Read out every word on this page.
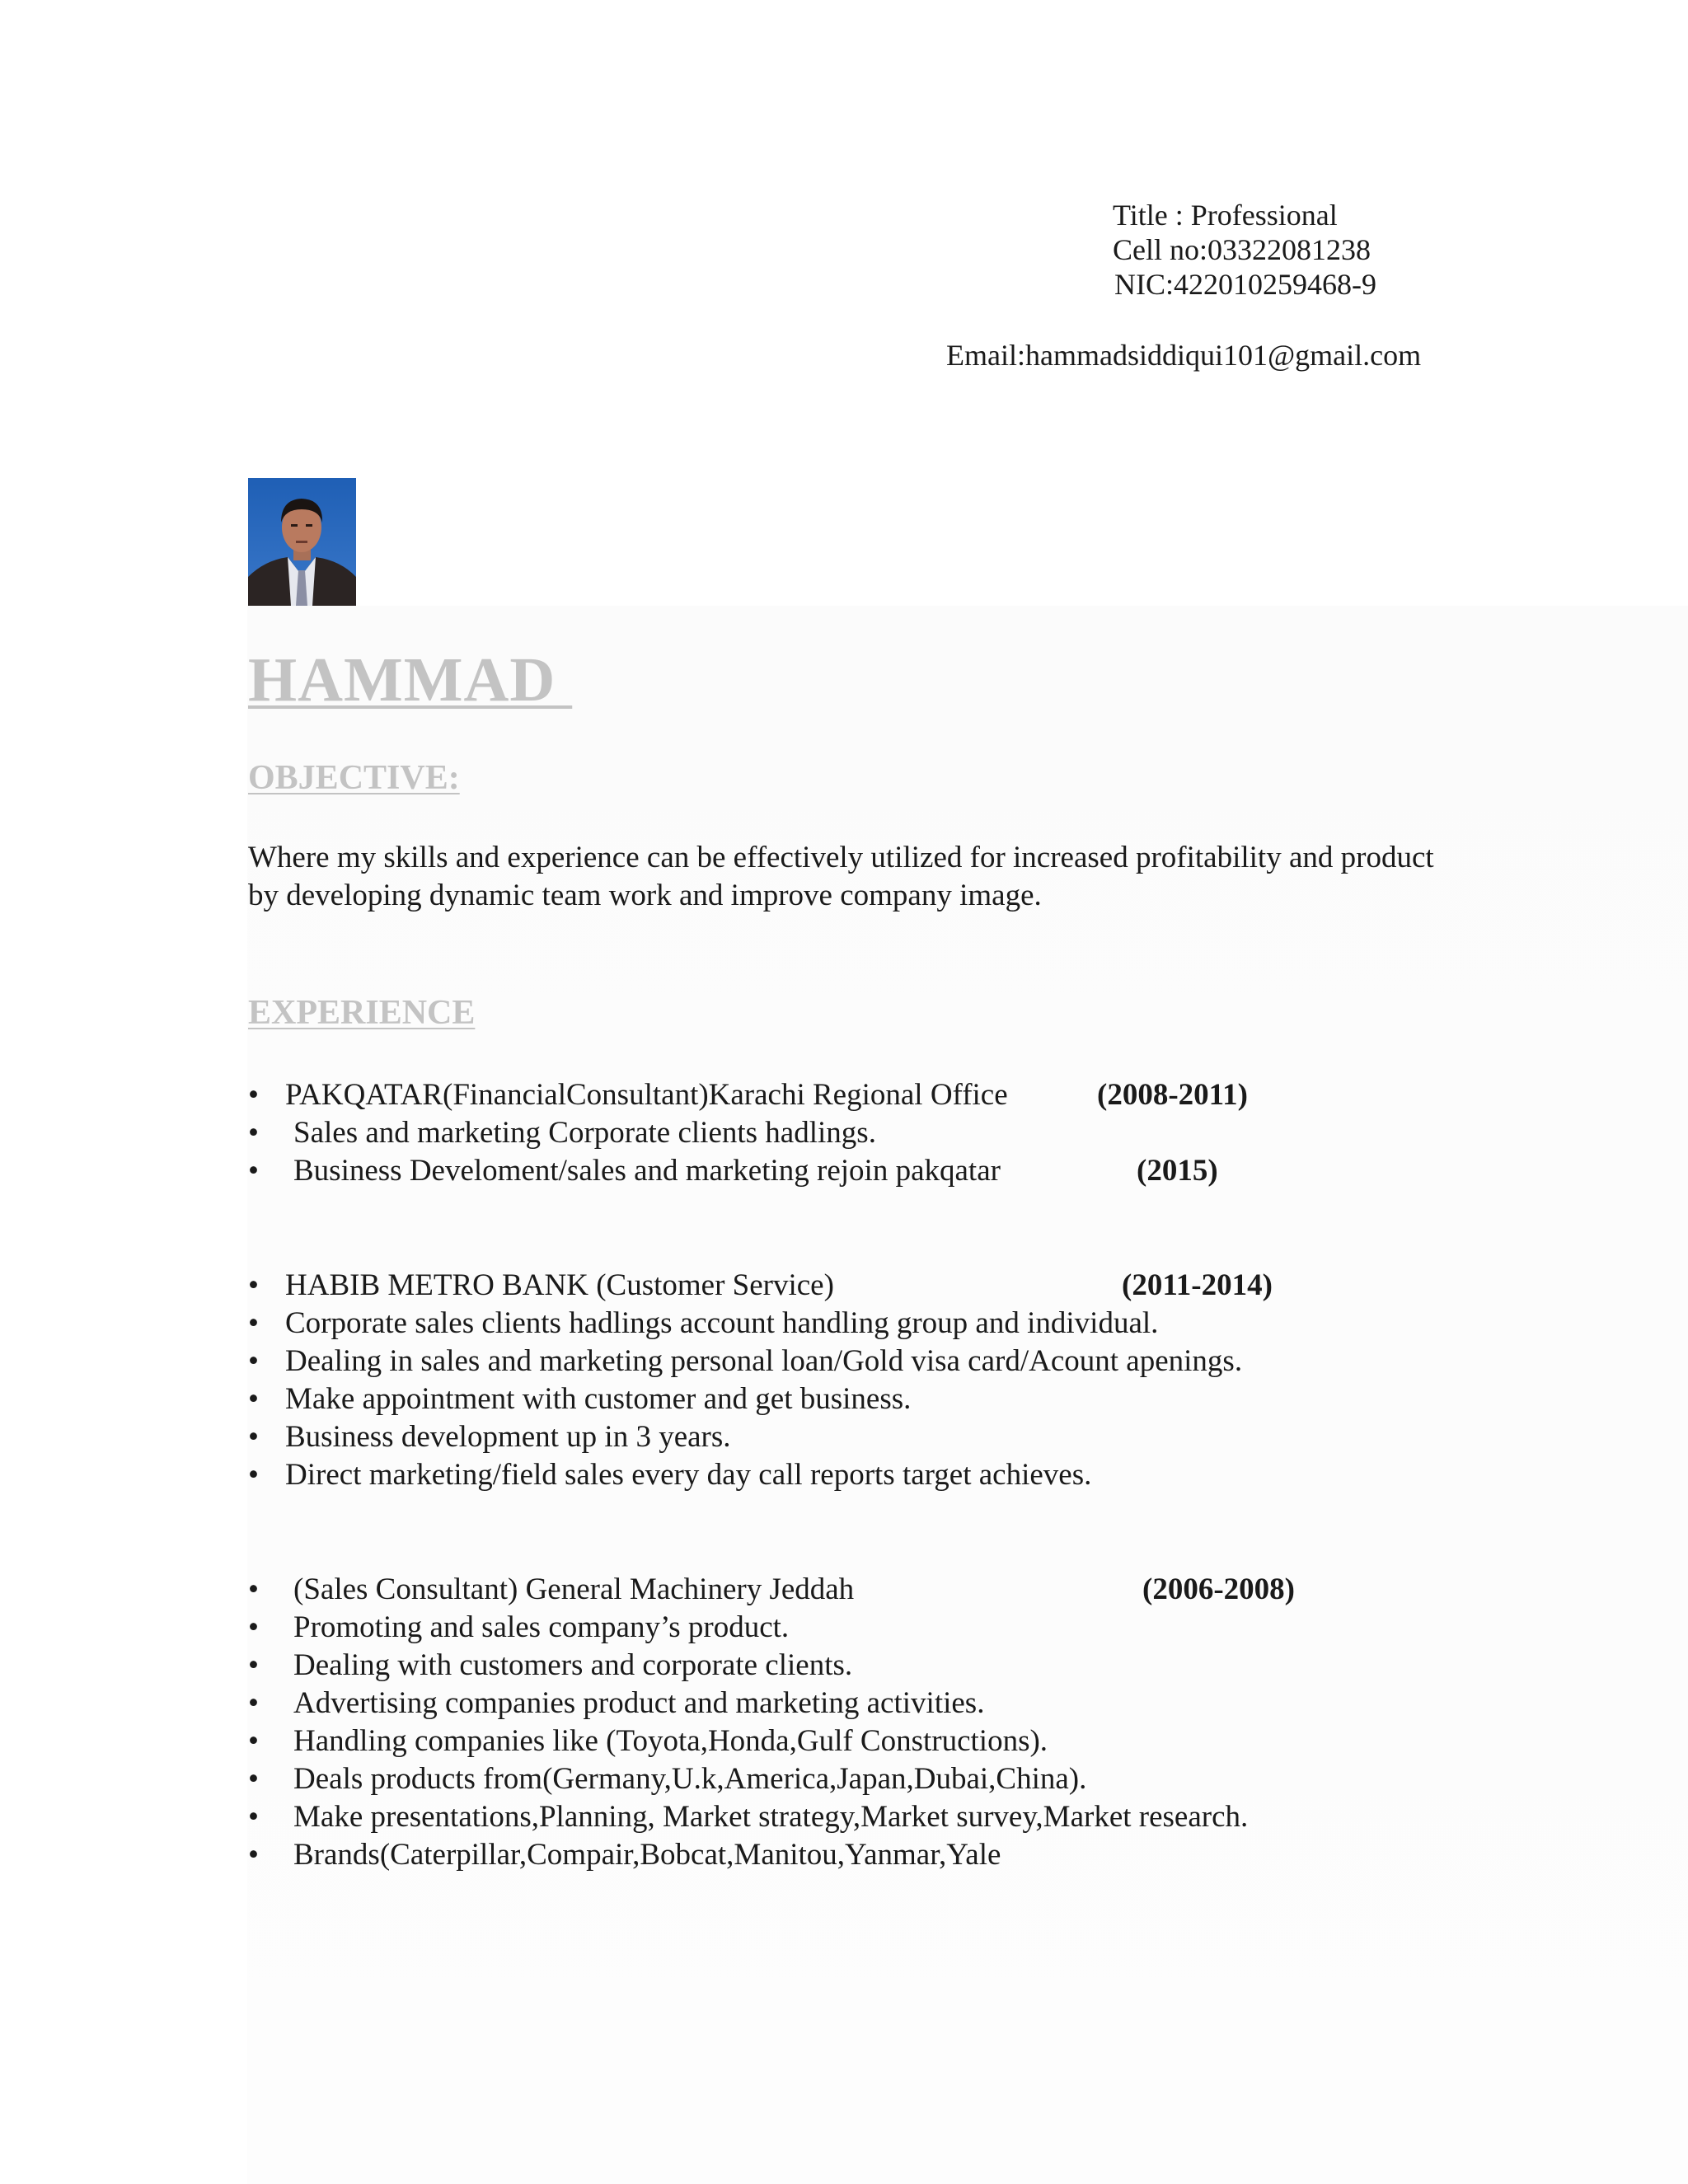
Title : Professional
Cell no:03322081238
NIC:422010259468-9
Email:hammadsiddiqui101@gmail.com
HAMMAD
OBJECTIVE:
Where my skills and experience can be effectively utilized for increased profitability and product by developing dynamic team work and improve company image.
EXPERIENCE
• PAKQATAR(FinancialConsultant)Karachi Regional Office	(2008-2011)
•	Sales and marketing Corporate clients hadlings.
•	Business Develoment/sales and marketing rejoin pakqatar	(2015)
• HABIB METRO BANK (Customer Service)	(2011-2014)
• Corporate sales clients hadlings account handling group and individual.
• Dealing in sales and marketing personal loan/Gold visa card/Acount apenings.
• Make appointment with customer and get business.
• Business development up in 3 years.
• Direct marketing/field sales every day call reports target achieves.
•	(Sales Consultant) General Machinery Jeddah	(2006-2008)
•	Promoting and sales company’s product.
•	Dealing with customers and corporate clients.
•	Advertising companies product and marketing activities.
•	Handling companies like (Toyota,Honda,Gulf Constructions).
•	Deals products from(Germany,U.k,America,Japan,Dubai,China).
•	Make presentations,Planning, Market strategy,Market survey,Market research.
•	Brands(Caterpillar,Compair,Bobcat,Manitou,Yanmar,Yale
